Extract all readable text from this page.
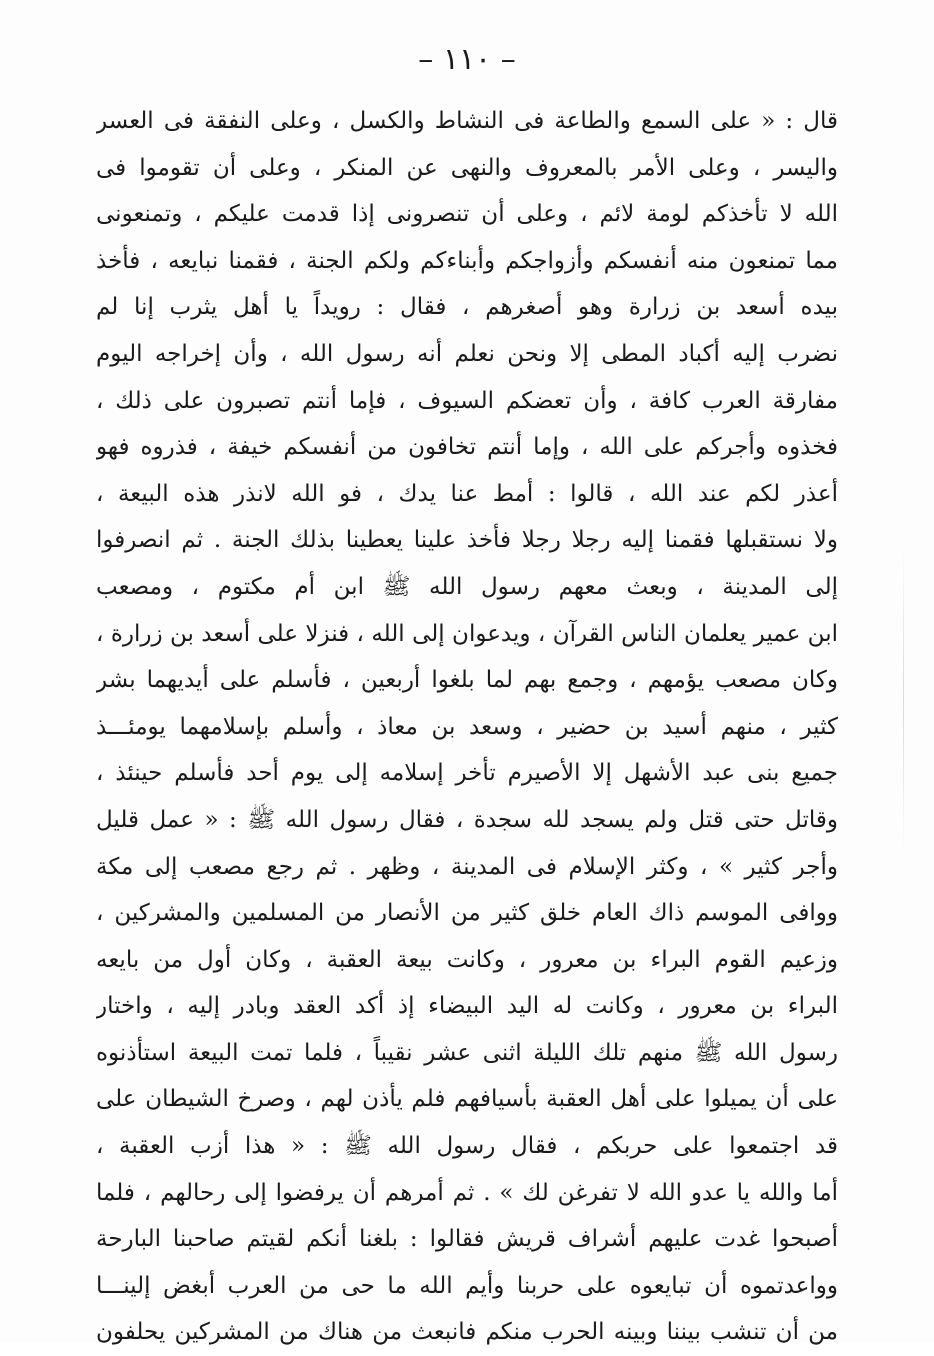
– ١١٠ –
قال : « على السمع والطاعة فى النشاط والكسل ، وعلى النفقة فى العسر
واليسر ، وعلى الأمر بالمعروف والنهى عن المنكر ، وعلى أن تقوموا فى
الله لا تأخذكم لومة لائم ، وعلى أن تنصرونى إذا قدمت عليكم ، وتمنعونى
مما تمنعون منه أنفسكم وأزواجكم وأبناءكم ولكم الجنة ، فقمنا نبايعه ، فأخذ
بيده أسعد بن زرارة وهو أصغرهم ، فقال : رويداً يا أهل يثرب إنا لم
نضرب إليه أكباد المطى إلا ونحن نعلم أنه رسول الله ، وأن إخراجه اليوم
مفارقة العرب كافة ، وأن تعضكم السيوف ، فإما أنتم تصبرون على ذلك ،
فخذوه وأجركم على الله ، وإما أنتم تخافون من أنفسكم خيفة ، فذروه فهو
أعذر لكم عند الله ، قالوا : أمط عنا يدك ، فو الله لانذر هذه البيعة ،
ولا نستقبلها فقمنا إليه رجلا رجلا فأخذ علينا يعطينا بذلك الجنة . ثم انصرفوا
إلى المدينة ، وبعث معهم رسول الله ﷺ ابن أم مكتوم ، ومصعب
ابن عمير يعلمان الناس القرآن ، ويدعوان إلى الله ، فنزلا على أسعد بن زرارة ،
وكان مصعب يؤمهم ، وجمع بهم لما بلغوا أربعين ، فأسلم على أيديهما بشر
كثير ، منهم أسيد بن حضير ، وسعد بن معاذ ، وأسلم بإسلامهما يومئـــذ
جميع بنى عبد الأشهل إلا الأصيرم تأخر إسلامه إلى يوم أحد فأسلم حينئذ ،
وقاتل حتى قتل ولم يسجد لله سجدة ، فقال رسول الله ﷺ : « عمل قليل
وأجر كثير » ، وكثر الإسلام فى المدينة ، وظهر . ثم رجع مصعب إلى مكة
ووافى الموسم ذاك العام خلق كثير من الأنصار من المسلمين والمشركين ،
وزعيم القوم البراء بن معرور ، وكانت بيعة العقبة ، وكان أول من بايعه
البراء بن معرور ، وكانت له اليد البيضاء إذ أكد العقد وبادر إليه ، واختار
رسول الله ﷺ منهم تلك الليلة اثنى عشر نقيباً ، فلما تمت البيعة استأذنوه
على أن يميلوا على أهل العقبة بأسيافهم فلم يأذن لهم ، وصرخ الشيطان على
قد اجتمعوا على حربكم ، فقال رسول الله ﷺ : « هذا أزب العقبة ،
أما والله يا عدو الله لا تفرغن لك » . ثم أمرهم أن يرفضوا إلى رحالهم ، فلما
أصبحوا غدت عليهم أشراف قريش فقالوا : بلغنا أنكم لقيتم صاحبنا البارحة
وواعدتموه أن تبايعوه على حربنا وأيم الله ما حى من العرب أبغض إلينـــا
من أن تنشب بيننا وبينه الحرب منكم فانبعث من هناك من المشركين يحلفون
